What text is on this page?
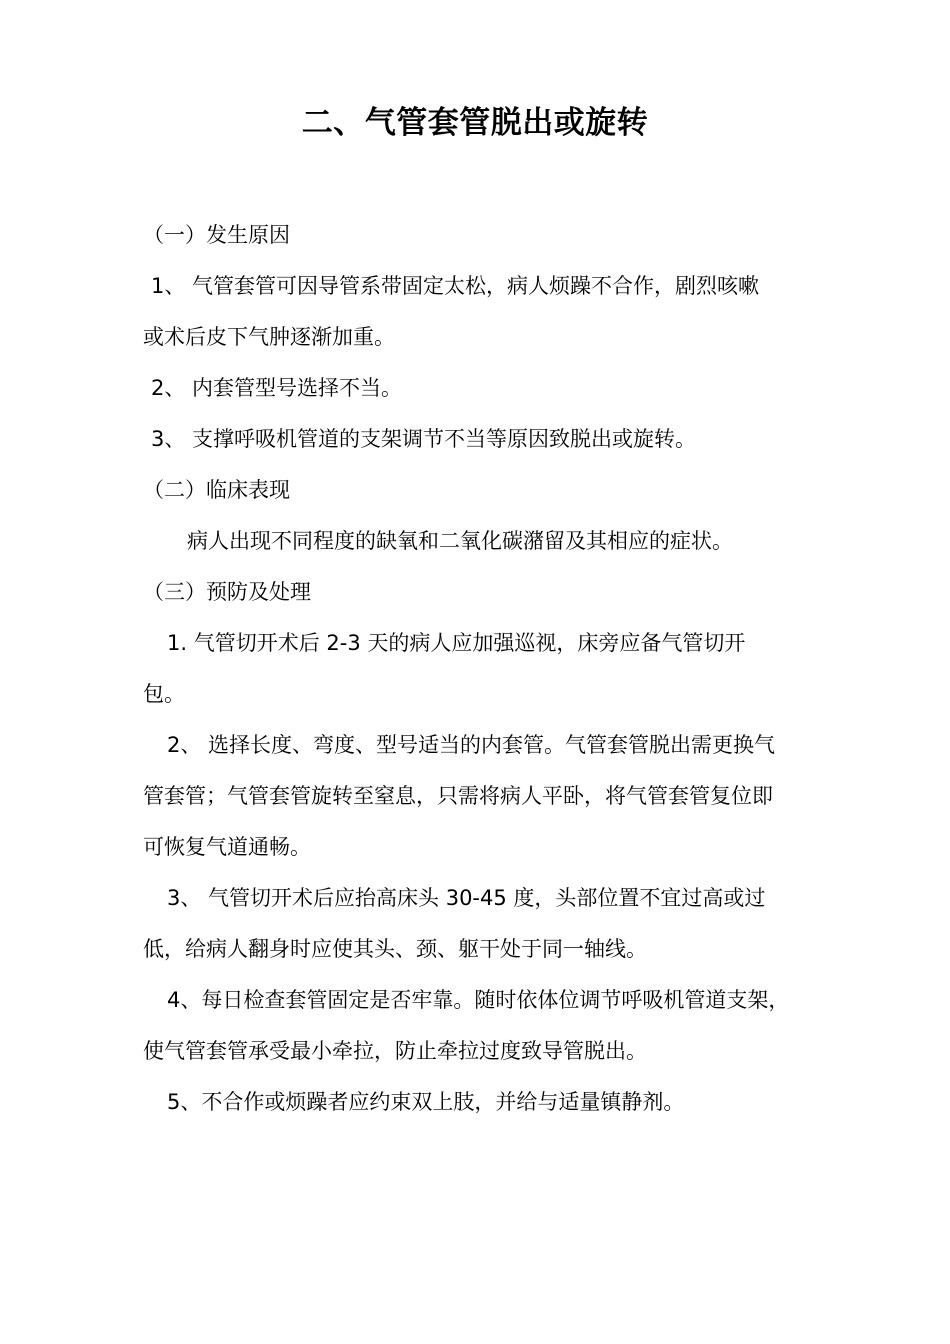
二、气管套管脱出或旋转
（一）发生原因
1、 气管套管可因导管系带固定太松，病人烦躁不合作，剧烈咳嗽
或术后皮下气肿逐渐加重。
2、 内套管型号选择不当。
3、 支撑呼吸机管道的支架调节不当等原因致脱出或旋转。
（二）临床表现
病人出现不同程度的缺氧和二氧化碳潴留及其相应的症状。
（三）预防及处理
1. 气管切开术后 2-3 天的病人应加强巡视，床旁应备气管切开
包。
2、 选择长度、弯度、型号适当的内套管。气管套管脱出需更换气
管套管；气管套管旋转至窒息，只需将病人平卧，将气管套管复位即
可恢复气道通畅。
3、 气管切开术后应抬高床头 30-45 度，头部位置不宜过高或过
低，给病人翻身时应使其头、颈、躯干处于同一轴线。
4、每日检查套管固定是否牢靠。随时依体位调节呼吸机管道支架，
使气管套管承受最小牵拉，防止牵拉过度致导管脱出。
5、不合作或烦躁者应约束双上肢，并给与适量镇静剂。
